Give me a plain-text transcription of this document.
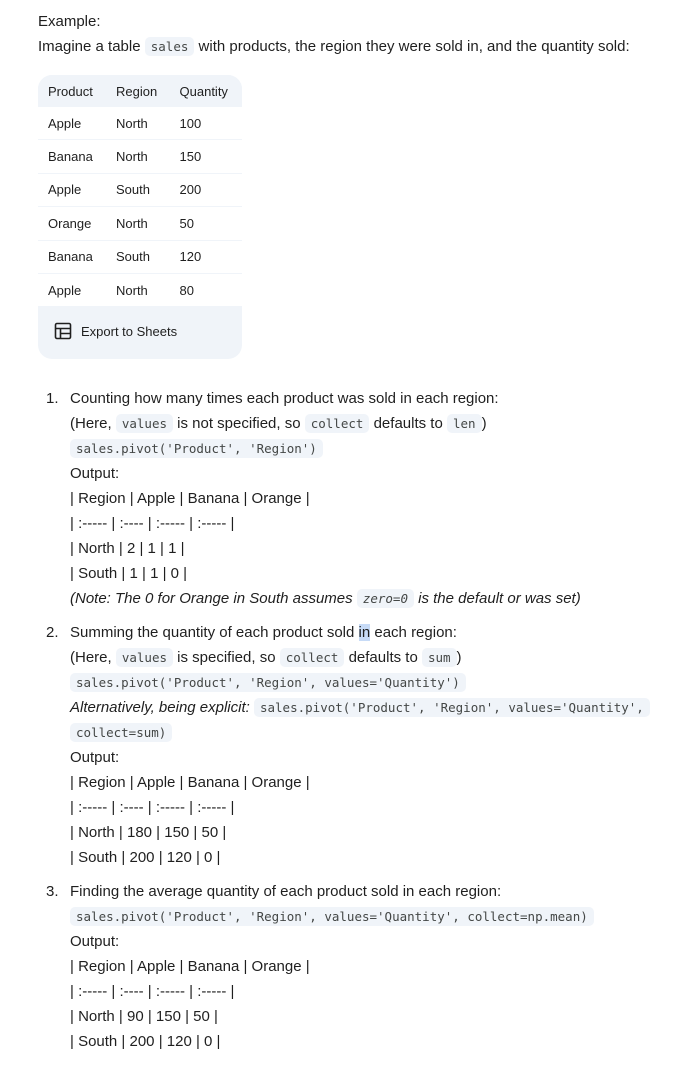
Example:
Imagine a table sales with products, the region they were sold in, and the quantity sold:
Product	Region	Quantity
Apple	North	100
Banana	North	150
Apple	South	200
Orange	North	50
Banana	South	120
Apple	North	80
Export to Sheets
1. Counting how many times each product was sold in each region:
(Here, values is not specified, so collect defaults to len )
sales.pivot('Product', 'Region')
Output:
| Region | Apple | Banana | Orange |
| :----- | :---- | :----- | :----- |
| North | 2 | 1 | 1 |
| South | 1 | 1 | 0 |
(Note: The 0 for Orange in South assumes zero=0 is the default or was set)
2. Summing the quantity of each product sold in each region:
(Here, values is specified, so collect defaults to sum )
sales.pivot('Product', 'Region', values='Quantity')
Alternatively, being explicit: sales.pivot('Product', 'Region', values='Quantity',
collect=sum)
Output:
| Region | Apple | Banana | Orange |
| :----- | :---- | :----- | :----- |
| North | 180 | 150 | 50 |
| South | 200 | 120 | 0 |
3. Finding the average quantity of each product sold in each region:
sales.pivot('Product', 'Region', values='Quantity', collect=np.mean)
Output:
| Region | Apple | Banana | Orange |
| :----- | :---- | :----- | :----- |
| North | 90 | 150 | 50 |
| South | 200 | 120 | 0 |
